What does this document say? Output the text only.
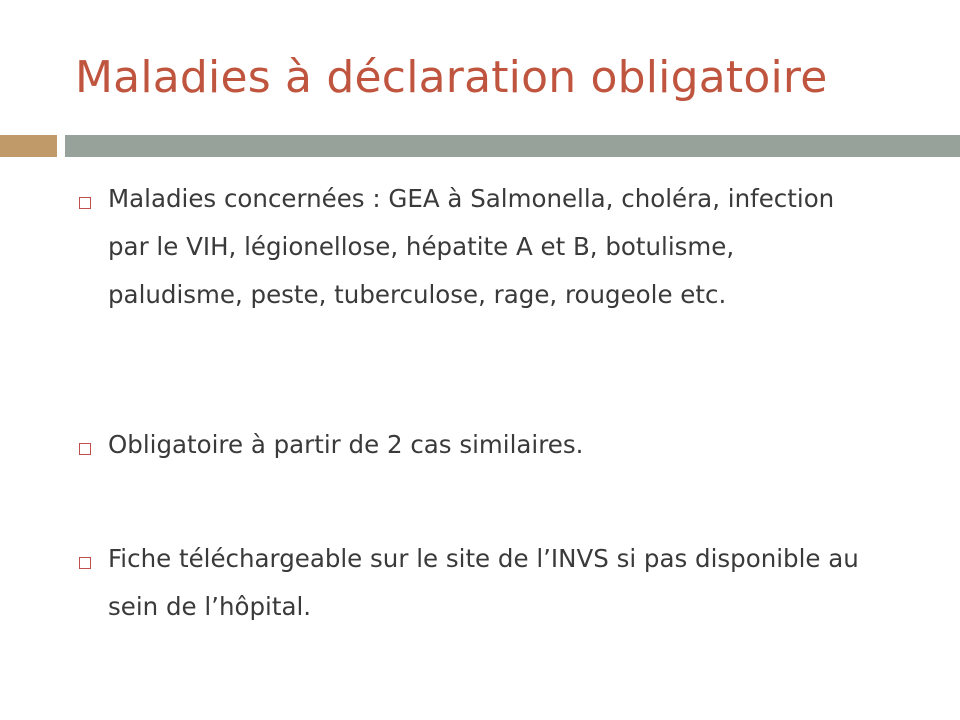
Maladies à déclaration obligatoire
Maladies concernées : GEA à Salmonella, choléra, infection par le VIH, légionellose, hépatite A et B, botulisme, paludisme, peste, tuberculose, rage, rougeole etc.
Obligatoire à partir de 2 cas similaires.
Fiche téléchargeable sur le site de l’INVS si pas disponible au sein de l’hôpital.
